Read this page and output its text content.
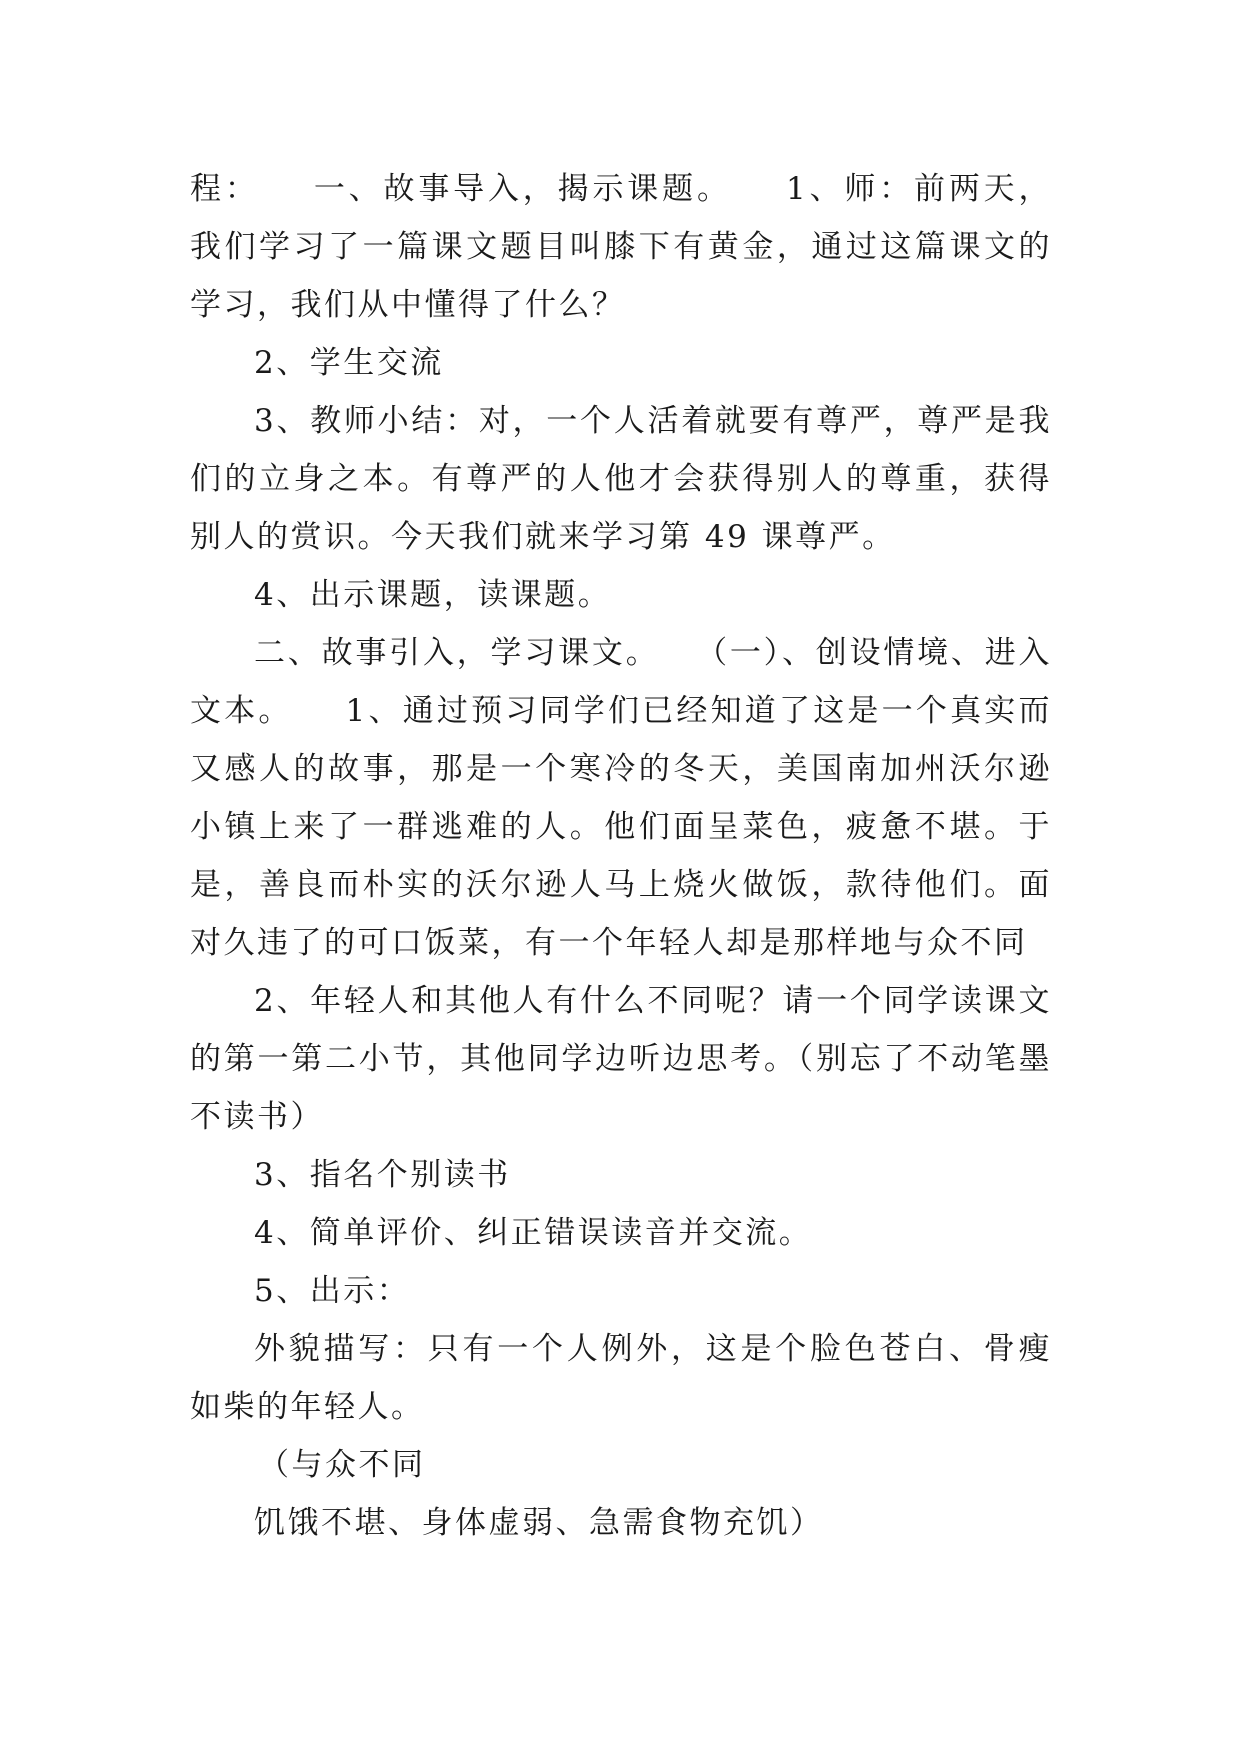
程：　　一、故事导入，揭示课题。　　1、师：前两天，我们学习了一篇课文题目叫膝下有黄金，通过这篇课文的学习，我们从中懂得了什么？

2、学生交流

3、教师小结：对，一个人活着就要有尊严，尊严是我们的立身之本。有尊严的人他才会获得别人的尊重，获得别人的赏识。今天我们就来学习第 49 课尊严。

4、出示课题，读课题。

二、故事引入，学习课文。　　（一）、创设情境、进入文本。　　1、通过预习同学们已经知道了这是一个真实而又感人的故事，那是一个寒冷的冬天，美国南加州沃尔逊小镇上来了一群逃难的人。他们面呈菜色，疲惫不堪。于是，善良而朴实的沃尔逊人马上烧火做饭，款待他们。面对久违了的可口饭菜，有一个年轻人却是那样地与众不同

2、年轻人和其他人有什么不同呢？请一个同学读课文的第一第二小节，其他同学边听边思考。（别忘了不动笔墨不读书）

3、指名个别读书

4、简单评价、纠正错误读音并交流。

5、出示：

外貌描写：只有一个人例外，这是个脸色苍白、骨瘦如柴的年轻人。

（与众不同

饥饿不堪、身体虚弱、急需食物充饥）
